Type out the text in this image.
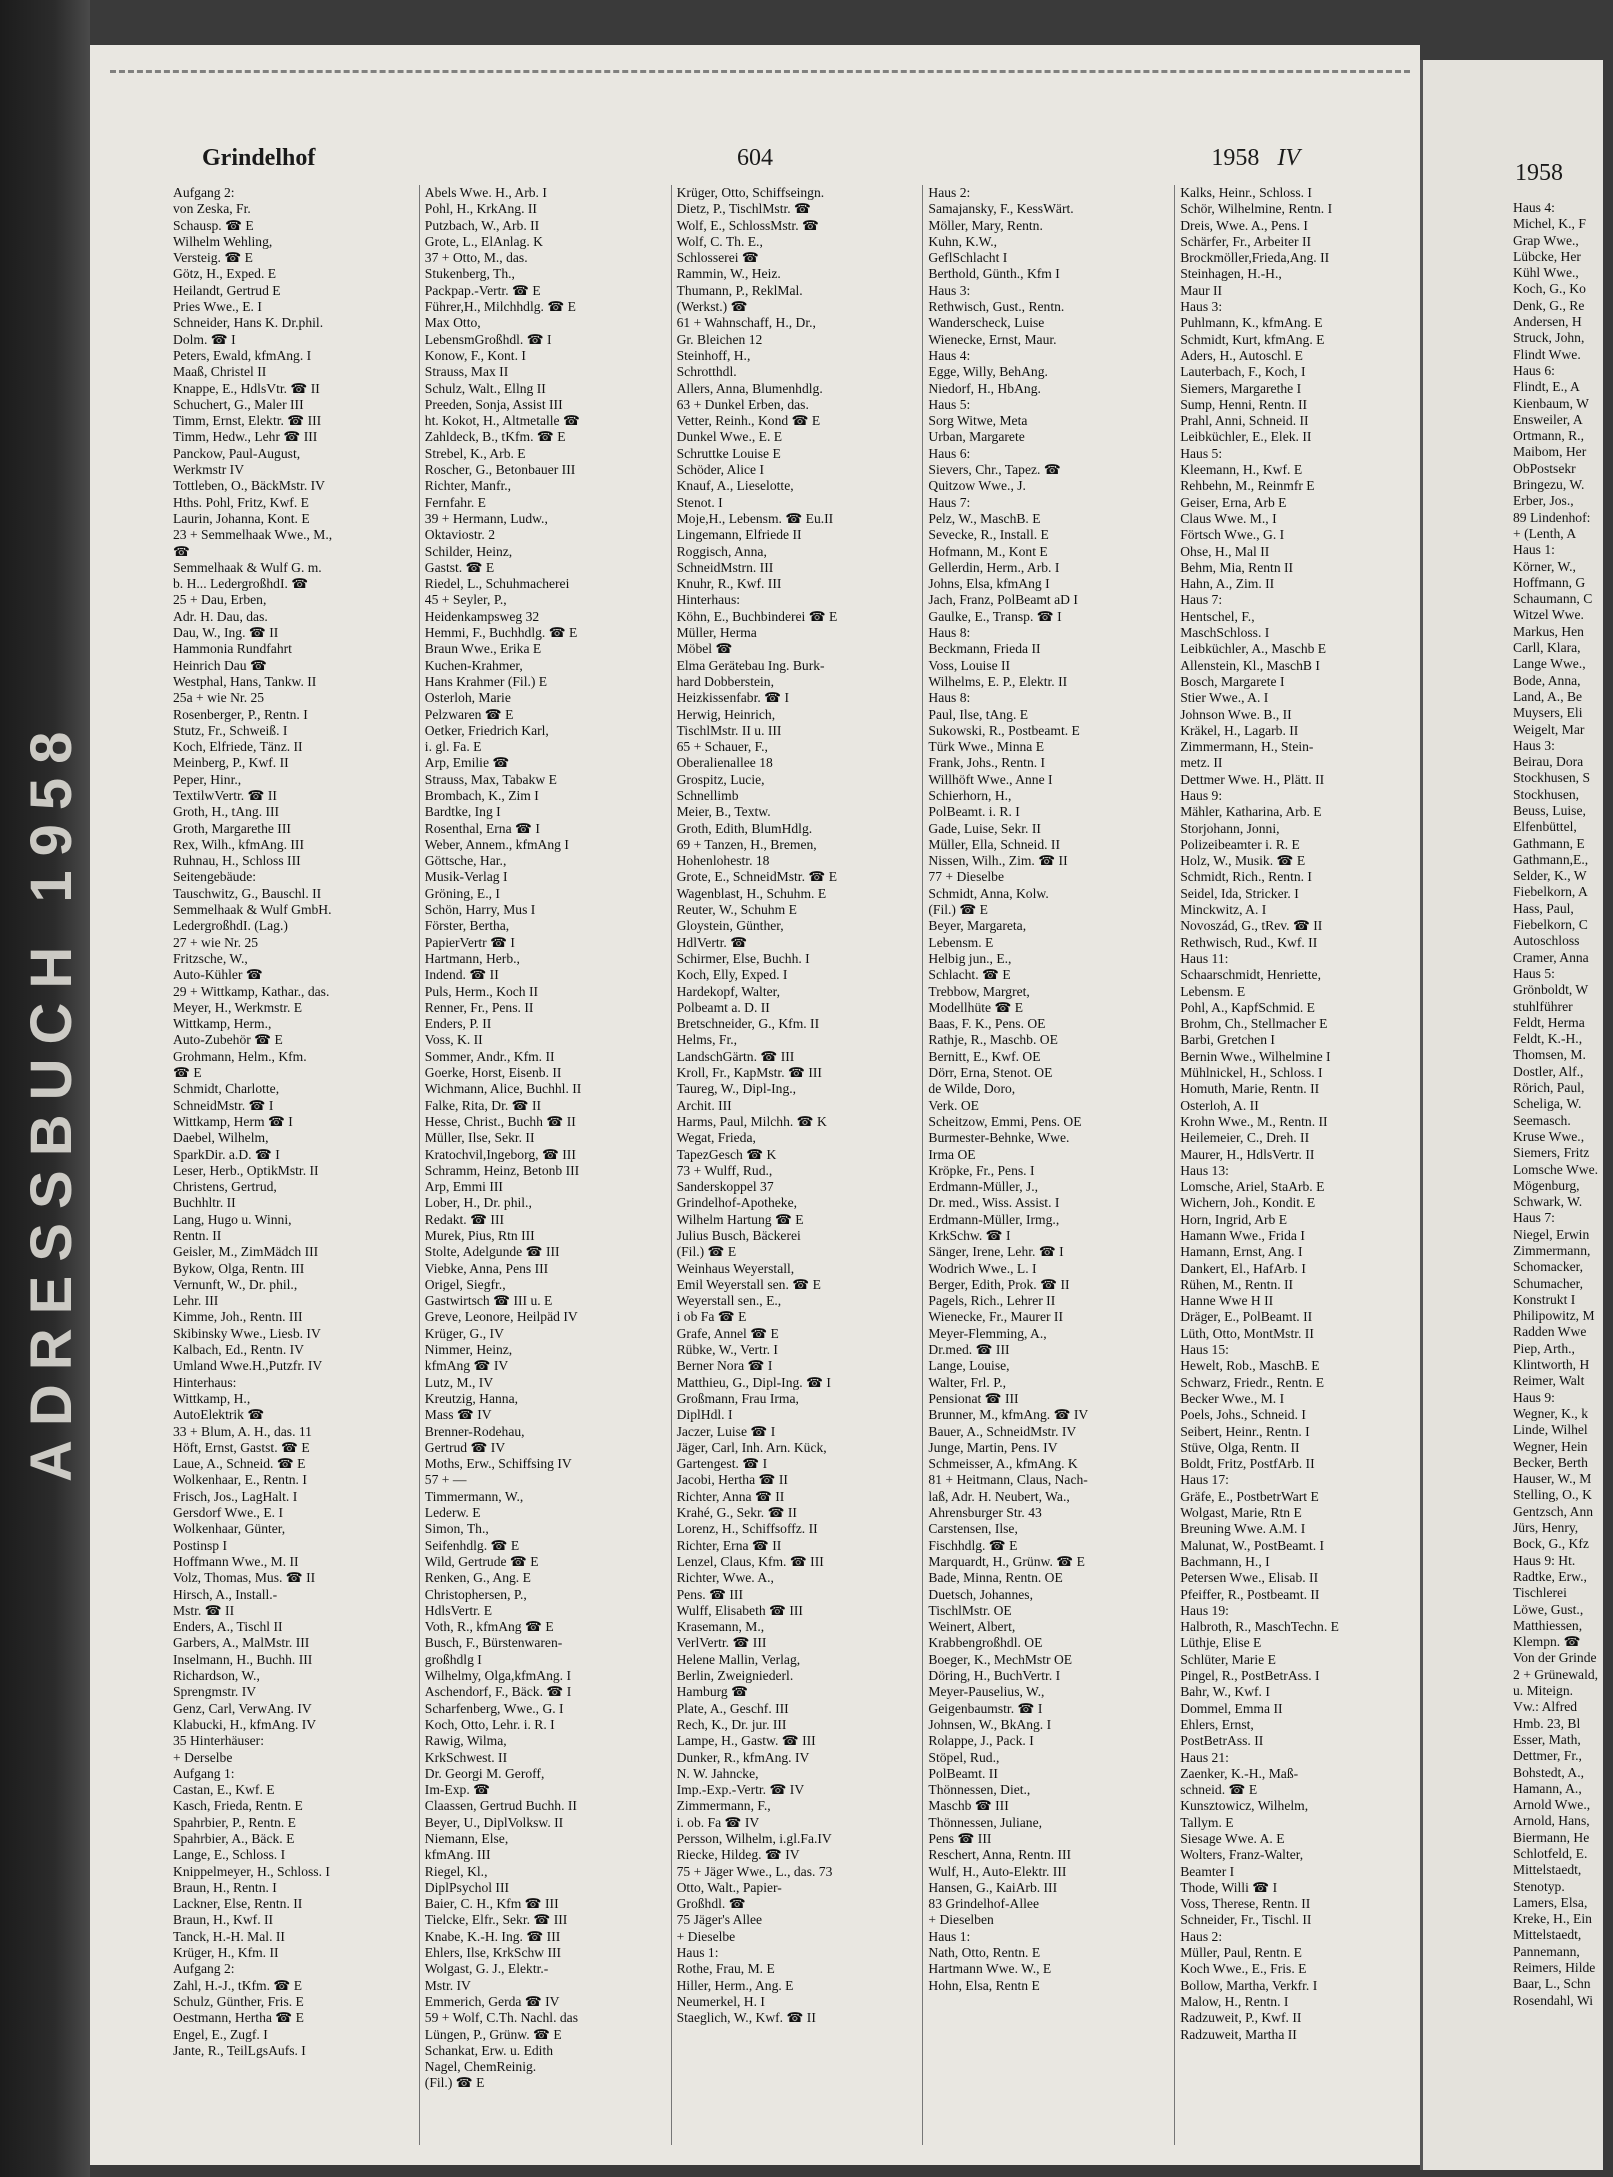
ADRESSBUCH 1958
Grindelhof	604	1958 IV
Aufgang 2:
von Zeska, Fr.
Schausp. ☎ E
Wilhelm Wehling,
Versteig. ☎ E
Götz, H., Exped. E
Heilandt, Gertrud E
Pries Wwe., E. I
Schneider, Hans K. Dr.phil.
Dolm. ☎ I
Peters, Ewald, kfmAng. I
Maaß, Christel II
Knappe, E., HdlsVtr. ☎ II
Schuchert, G., Maler III
Timm, Ernst, Elektr. ☎ III
Timm, Hedw., Lehr ☎ III
Panckow, Paul-August,
Werkmstr IV
Tottleben, O., BäckMstr. IV
Hths. Pohl, Fritz, Kwf. E
Laurin, Johanna, Kont. E
23 + Semmelhaak Wwe., M.,
☎
Semmelhaak & Wulf G. m.
b. H... LedergroßhdI. ☎
25 + Dau, Erben,
Adr. H. Dau, das.
Dau, W., Ing. ☎ II
Hammonia Rundfahrt
Heinrich Dau ☎
Westphal, Hans, Tankw. II
25a + wie Nr. 25
Rosenberger, P., Rentn. I
Stutz, Fr., Schweiß. I
Koch, Elfriede, Tänz. II
Meinberg, P., Kwf. II
Peper, Hinr.,
TextilwVertr. ☎ II
Groth, H., tAng. III
Groth, Margarethe III
Rex, Wilh., kfmAng. III
Ruhnau, H., Schloss III
Seitengebäude:
Tauschwitz, G., Bauschl. II
Semmelhaak & Wulf GmbH.
LedergroßhdI. (Lag.)
27 + wie Nr. 25
Fritzsche, W.,
Auto-Kühler ☎
29 + Wittkamp, Kathar., das.
Meyer, H., Werkmstr. E
Wittkamp, Herm.,
Auto-Zubehör ☎ E
Grohmann, Helm., Kfm.
☎ E
Schmidt, Charlotte,
SchneidMstr. ☎ I
Wittkamp, Herm ☎ I
Daebel, Wilhelm,
SparkDir. a.D. ☎ I
Leser, Herb., OptikMstr. II
Christens, Gertrud,
Buchhltr. II
Lang, Hugo u. Winni,
Rentn. II
Geisler, M., ZimMädch III
Bykow, Olga, Rentn. III
Vernunft, W., Dr. phil.,
Lehr. III
Kimme, Joh., Rentn. III
Skibinsky Wwe., Liesb. IV
Kalbach, Ed., Rentn. IV
Umland Wwe.H.,Putzfr. IV
Hinterhaus:
Wittkamp, H.,
AutoElektrik ☎
33 + Blum, A. H., das. 11
Höft, Ernst, Gastst. ☎ E
Laue, A., Schneid. ☎ E
Wolkenhaar, E., Rentn. I
Frisch, Jos., LagHalt. I
Gersdorf Wwe., E. I
Wolkenhaar, Günter,
Postinsp I
Hoffmann Wwe., M. II
Volz, Thomas, Mus. ☎ II
Hirsch, A., Install.-
Mstr. ☎ II
Enders, A., Tischl II
Garbers, A., MalMstr. III
Inselmann, H., Buchh. III
Richardson, W.,
Sprengmstr. IV
Genz, Carl, VerwAng. IV
Klabucki, H., kfmAng. IV
35 Hinterhäuser:
+ Derselbe
Aufgang 1:
Castan, E., Kwf. E
Kasch, Frieda, Rentn. E
Spahrbier, P., Rentn. E
Spahrbier, A., Bäck. E
Lange, E., Schloss. I
Knippelmeyer, H., Schloss. I
Braun, H., Rentn. I
Lackner, Else, Rentn. II
Braun, H., Kwf. II
Tanck, H.-H. Mal. II
Krüger, H., Kfm. II
Aufgang 2:
Zahl, H.-J., tKfm. ☎ E
Schulz, Günther, Fris. E
Oestmann, Hertha ☎ E
Engel, E., Zugf. I
Jante, R., TeilLgsAufs. I
Abels Wwe. H., Arb. I
Pohl, H., KrkAng. II
Putzbach, W., Arb. II
Grote, L., ElAnlag. K
37 + Otto, M., das.
Stukenberg, Th.,
Packpap.-Vertr. ☎ E
Führer,H., Milchhdlg. ☎ E
Max Otto,
LebensmGroßhdl. ☎ I
Konow, F., Kont. I
Strauss, Max II
Schulz, Walt., Ellng II
Preeden, Sonja, Assist III
ht. Kokot, H., Altmetalle ☎
Zahldeck, B., tKfm. ☎ E
Strebel, K., Arb. E
Roscher, G., Betonbauer III
Richter, Manfr.,
Fernfahr. E
39 + Hermann, Ludw.,
Oktaviostr. 2
Schilder, Heinz,
Gastst. ☎ E
Riedel, L., Schuhmacherei
45 + Seyler, P.,
Heidenkampsweg 32
Hemmi, F., Buchhdlg. ☎ E
Braun Wwe., Erika E
Kuchen-Krahmer,
Hans Krahmer (Fil.) E
Osterloh, Marie
Pelzwaren ☎ E
Oetker, Friedrich Karl,
i. gl. Fa. E
Arp, Emilie ☎
Strauss, Max, Tabakw E
Brombach, K., Zim I
Bardtke, Ing I
Rosenthal, Erna ☎ I
Weber, Annem., kfmAng I
Göttsche, Har.,
Musik-Verlag I
Gröning, E., I
Schön, Harry, Mus I
Förster, Bertha,
PapierVertr ☎ I
Hartmann, Herb.,
Indend. ☎ II
Puls, Herm., Koch II
Renner, Fr., Pens. II
Enders, P. II
Voss, K. II
Sommer, Andr., Kfm. II
Goerke, Horst, Eisenb. II
Wichmann, Alice, Buchhl. II
Falke, Rita, Dr. ☎ II
Hesse, Christ., Buchh ☎ II
Müller, Ilse, Sekr. II
Kratochvil,Ingeborg, ☎ III
Schramm, Heinz, Betonb III
Arp, Emmi III
Lober, H., Dr. phil.,
Redakt. ☎ III
Murek, Pius, Rtn III
Stolte, Adelgunde ☎ III
Viebke, Anna, Pens III
Origel, Siegfr.,
Gastwirtsch ☎ III u. E
Greve, Leonore, Heilpäd IV
Krüger, G., IV
Nimmer, Heinz,
kfmAng ☎ IV
Lutz, M., IV
Kreutzig, Hanna,
Mass ☎ IV
Brenner-Rodehau,
Gertrud ☎ IV
Moths, Erw., Schiffsing IV
57 + —
Timmermann, W.,
Lederw. E
Simon, Th.,
Seifenhdlg. ☎ E
Wild, Gertrude ☎ E
Renken, G., Ang. E
Christophersen, P.,
HdlsVertr. E
Voth, R., kfmAng ☎ E
Busch, F., Bürstenwaren-
großhdlg I
Wilhelmy, Olga,kfmAng. I
Aschendorf, F., Bäck. ☎ I
Scharfenberg, Wwe., G. I
Koch, Otto, Lehr. i. R. I
Rawig, Wilma,
KrkSchwest. II
Dr. Georgi M. Geroff,
Im-Exp. ☎
Claassen, Gertrud Buchh. II
Beyer, U., DiplVolksw. II
Niemann, Else,
kfmAng. III
Riegel, Kl.,
DiplPsychol III
Baier, C. H., Kfm ☎ III
Tielcke, Elfr., Sekr. ☎ III
Knabe, K.-H. Ing. ☎ III
Ehlers, Ilse, KrkSchw III
Wolgast, G. J., Elektr.-
Mstr. IV
Emmerich, Gerda ☎ IV
59 + Wolf, C.Th. Nachl. das
Lüngen, P., Grünw. ☎ E
Schankat, Erw. u. Edith
Nagel, ChemReinig.
(Fil.) ☎ E
Krüger, Otto, Schiffseingn.
Dietz, P., TischlMstr. ☎
Wolf, E., SchlossMstr. ☎
Wolf, C. Th. E.,
Schlosserei ☎
Rammin, W., Heiz.
Thumann, P., ReklMal.
(Werkst.) ☎
61 + Wahnschaff, H., Dr.,
Gr. Bleichen 12
Steinhoff, H.,
Schrotthdl.
Allers, Anna, Blumenhdlg.
63 + Dunkel Erben, das.
Vetter, Reinh., Kond ☎ E
Dunkel Wwe., E. E
Schruttke Louise E
Schöder, Alice I
Knauf, A., Lieselotte,
Stenot. I
Moje,H., Lebensm. ☎ Eu.II
Lingemann, Elfriede II
Roggisch, Anna,
SchneidMstrn. III
Knuhr, R., Kwf. III
Hinterhaus:
Köhn, E., Buchbinderei ☎ E
Müller, Herma
Möbel ☎
Elma Gerätebau Ing. Burk-
hard Dobberstein,
Heizkissenfabr. ☎ I
Herwig, Heinrich,
TischlMstr. II u. III
65 + Schauer, F.,
Oberalienallee 18
Grospitz, Lucie,
Schnellimb
Meier, B., Textw.
Groth, Edith, BlumHdlg.
69 + Tanzen, H., Bremen,
Hohenlohestr. 18
Grote, E., SchneidMstr. ☎ E
Wagenblast, H., Schuhm. E
Reuter, W., Schuhm E
Gloystein, Günther,
HdlVertr. ☎
Schirmer, Else, Buchh. I
Koch, Elly, Exped. I
Hardekopf, Walter,
Polbeamt a. D. II
Bretschneider, G., Kfm. II
Helms, Fr.,
LandschGärtn. ☎ III
Kroll, Fr., KapMstr. ☎ III
Taureg, W., Dipl-Ing.,
Archit. III
Harms, Paul, Milchh. ☎ K
Wegat, Frieda,
TapezGesch ☎ K
73 + Wulff, Rud.,
Sanderskoppel 37
Grindelhof-Apotheke,
Wilhelm Hartung ☎ E
Julius Busch, Bäckerei
(Fil.) ☎ E
Weinhaus Weyerstall,
Emil Weyerstall sen. ☎ E
Weyerstall sen., E.,
i ob Fa ☎ E
Grafe, Annel ☎ E
Rübke, W., Vertr. I
Berner Nora ☎ I
Matthieu, G., Dipl-Ing. ☎ I
Großmann, Frau Irma,
DiplHdl. I
Jaczer, Luise ☎ I
Jäger, Carl, Inh. Arn. Kück,
Gartengest. ☎ I
Jacobi, Hertha ☎ II
Richter, Anna ☎ II
Krahé, G., Sekr. ☎ II
Lorenz, H., Schiffsoffz. II
Richter, Erna ☎ II
Lenzel, Claus, Kfm. ☎ III
Richter, Wwe. A.,
Pens. ☎ III
Wulff, Elisabeth ☎ III
Krasemann, M.,
VerlVertr. ☎ III
Helene Mallin, Verlag,
Berlin, Zweigniederl.
Hamburg ☎
Plate, A., Geschf. III
Rech, K., Dr. jur. III
Lampe, H., Gastw. ☎ III
Dunker, R., kfmAng. IV
N. W. Jahncke,
Imp.-Exp.-Vertr. ☎ IV
Zimmermann, F.,
i. ob. Fa ☎ IV
Persson, Wilhelm, i.gl.Fa.IV
Riecke, Hildeg. ☎ IV
75 + Jäger Wwe., L., das. 73
Otto, Walt., Papier-
Großhdl. ☎
75 Jäger's Allee
+ Dieselbe
Haus 1:
Rothe, Frau, M. E
Hiller, Herm., Ang. E
Neumerkel, H. I
Staeglich, W., Kwf. ☎ II
Haus 2:
Samajansky, F., KessWärt.
Möller, Mary, Rentn.
Kuhn, K.W.,
GeflSchlacht I
Berthold, Günth., Kfm I
Haus 3:
Rethwisch, Gust., Rentn.
Wanderscheck, Luise
Wienecke, Ernst, Maur.
Haus 4:
Egge, Willy, BehAng.
Niedorf, H., HbAng.
Haus 5:
Sorg Witwe, Meta
Urban, Margarete
Haus 6:
Sievers, Chr., Tapez. ☎
Quitzow Wwe., J.
Haus 7:
Pelz, W., MaschB. E
Sevecke, R., Install. E
Hofmann, M., Kont E
Gellerdin, Herm., Arb. I
Johns, Elsa, kfmAng I
Jach, Franz, PolBeamt aD I
Gaulke, E., Transp. ☎ I
Haus 8:
Beckmann, Frieda II
Voss, Louise II
Wilhelms, E. P., Elektr. II
Haus 8:
Paul, Ilse, tAng. E
Sukowski, R., Postbeamt. E
Türk Wwe., Minna E
Frank, Johs., Rentn. I
Willhöft Wwe., Anne I
Schierhorn, H.,
PolBeamt. i. R. I
Gade, Luise, Sekr. II
Müller, Ella, Schneid. II
Nissen, Wilh., Zim. ☎ II
77 + Dieselbe
Schmidt, Anna, Kolw.
(Fil.) ☎ E
Beyer, Margareta,
Lebensm. E
Helbig jun., E.,
Schlacht. ☎ E
Trebbow, Margret,
Modellhüte ☎ E
Baas, F. K., Pens. OE
Rathje, R., Maschb. OE
Bernitt, E., Kwf. OE
Dörr, Erna, Stenot. OE
de Wilde, Doro,
Verk. OE
Scheitzow, Emmi, Pens. OE
Burmester-Behnke, Wwe.
Irma OE
Kröpke, Fr., Pens. I
Erdmann-Müller, J.,
Dr. med., Wiss. Assist. I
Erdmann-Müller, Irmg.,
KrkSchw. ☎ I
Sänger, Irene, Lehr. ☎ I
Wodrich Wwe., L. I
Berger, Edith, Prok. ☎ II
Pagels, Rich., Lehrer II
Wienecke, Fr., Maurer II
Meyer-Flemming, A.,
Dr.med. ☎ III
Lange, Louise,
Walter, Frl. P.,
Pensionat ☎ III
Brunner, M., kfmAng. ☎ IV
Bauer, A., SchneidMstr. IV
Junge, Martin, Pens. IV
Schmeisser, A., kfmAng. K
81 + Heitmann, Claus, Nach-
laß, Adr. H. Neubert, Wa.,
Ahrensburger Str. 43
Carstensen, Ilse,
Fischhdlg. ☎ E
Marquardt, H., Grünw. ☎ E
Bade, Minna, Rentn. OE
Duetsch, Johannes,
TischlMstr. OE
Weinert, Albert,
Krabbengroßhdl. OE
Boeger, K., MechMstr OE
Döring, H., BuchVertr. I
Meyer-Pauselius, W.,
Geigenbaumstr. ☎ I
Johnsen, W., BkAng. I
Rolappe, J., Pack. I
Stöpel, Rud.,
PolBeamt. II
Thönnessen, Diet.,
Maschb ☎ III
Thönnessen, Juliane,
Pens ☎ III
Reschert, Anna, Rentn. III
Wulf, H., Auto-Elektr. III
Hansen, G., KaiArb. III
83 Grindelhof-Allee
+ Dieselben
Haus 1:
Nath, Otto, Rentn. E
Hartmann Wwe. W., E
Hohn, Elsa, Rentn E
Kalks, Heinr., Schloss. I
Schör, Wilhelmine, Rentn. I
Dreis, Wwe. A., Pens. I
Schärfer, Fr., Arbeiter II
Brockmöller,Frieda,Ang. II
Steinhagen, H.-H.,
Maur II
Haus 3:
Puhlmann, K., kfmAng. E
Schmidt, Kurt, kfmAng. E
Aders, H., Autoschl. E
Lauterbach, F., Koch, I
Siemers, Margarethe I
Sump, Henni, Rentn. II
Prahl, Anni, Schneid. II
Leibküchler, E., Elek. II
Haus 5:
Kleemann, H., Kwf. E
Rehbehn, M., Reinmfr E
Geiser, Erna, Arb E
Claus Wwe. M., I
Förtsch Wwe., G. I
Ohse, H., Mal II
Behm, Mia, Rentn II
Hahn, A., Zim. II
Haus 7:
Hentschel, F.,
MaschSchloss. I
Leibküchler, A., Maschb E
Allenstein, Kl., MaschB I
Bosch, Margarete I
Stier Wwe., A. I
Johnson Wwe. B., II
Kräkel, H., Lagarb. II
Zimmermann, H., Stein-
metz. II
Dettmer Wwe. H., Plätt. II
Haus 9:
Mähler, Katharina, Arb. E
Storjohann, Jonni,
Polizeibeamter i. R. E
Holz, W., Musik. ☎ E
Schmidt, Rich., Rentn. I
Seidel, Ida, Stricker. I
Minckwitz, A. I
Novoszád, G., tRev. ☎ II
Rethwisch, Rud., Kwf. II
Haus 11:
Schaarschmidt, Henriette,
Lebensm. E
Pohl, A., KapfSchmid. E
Brohm, Ch., Stellmacher E
Barbi, Gretchen I
Bernin Wwe., Wilhelmine I
Mühlnickel, H., Schloss. I
Homuth, Marie, Rentn. II
Osterloh, A. II
Krohn Wwe., M., Rentn. II
Heilemeier, C., Dreh. II
Maurer, H., HdlsVertr. II
Haus 13:
Lomsche, Ariel, StaArb. E
Wichern, Joh., Kondit. E
Horn, Ingrid, Arb E
Hamann Wwe., Frida I
Hamann, Ernst, Ang. I
Dankert, El., HafArb. I
Rühen, M., Rentn. II
Hanne Wwe H II
Dräger, E., PolBeamt. II
Lüth, Otto, MontMstr. II
Haus 15:
Hewelt, Rob., MaschB. E
Schwarz, Friedr., Rentn. E
Becker Wwe., M. I
Poels, Johs., Schneid. I
Seibert, Heinr., Rentn. I
Stüve, Olga, Rentn. II
Boldt, Fritz, PostfArb. II
Haus 17:
Gräfe, E., PostbetrWart E
Wolgast, Marie, Rtn E
Breuning Wwe. A.M. I
Malunat, W., PostBeamt. I
Bachmann, H., I
Petersen Wwe., Elisab. II
Pfeiffer, R., Postbeamt. II
Haus 19:
Halbroth, R., MaschTechn. E
Lüthje, Elise E
Schlüter, Marie E
Pingel, R., PostBetrAss. I
Bahr, W., Kwf. I
Dommel, Emma II
Ehlers, Ernst,
PostBetrAss. II
Haus 21:
Zaenker, K.-H., Maß-
schneid. ☎ E
Kunsztowicz, Wilhelm,
Tallym. E
Siesage Wwe. A. E
Wolters, Franz-Walter,
Beamter I
Thode, Willi ☎ I
Voss, Therese, Rentn. II
Schneider, Fr., Tischl. II
Haus 2:
Müller, Paul, Rentn. E
Koch Wwe., E., Fris. E
Bollow, Martha, Verkfr. I
Malow, H., Rentn. I
Radzuweit, P., Kwf. II
Radzuweit, Martha II
1958
Haus 4:
Michel, K., F
Grap Wwe.,
Lübcke, Her
Kühl Wwe.,
Koch, G., Ko
Denk, G., Re
Andersen, H
Struck, John,
Flindt Wwe.
Haus 6:
Flindt, E., A
Kienbaum, W
Ensweiler, A
Ortmann, R.,
Maibom, Her
ObPostsekr
Bringezu, W.
Erber, Jos.,
89 Lindenhof:
+ (Lenth, A
Haus 1:
Körner, W.,
Hoffmann, G
Schaumann, C
Witzel Wwe.
Markus, Hen
Carll, Klara,
Lange Wwe.,
Bode, Anna,
Land, A., Be
Muysers, Eli
Weigelt, Mar
Haus 3:
Beirau, Dora
Stockhusen, S
Stockhusen,
Beuss, Luise,
Elfenbüttel,
Gathmann, E
Gathmann,E.,
Selder, K., W
Fiebelkorn, A
Hass, Paul,
Fiebelkorn, C
Autoschloss
Cramer, Anna
Haus 5:
Grönboldt, W
stuhlführer
Feldt, Herma
Feldt, K.-H.,
Thomsen, M.
Dostler, Alf.,
Rörich, Paul,
Scheliga, W.
Seemasch.
Kruse Wwe.,
Siemers, Fritz
Lomsche Wwe.
Mögenburg,
Schwark, W.
Haus 7:
Niegel, Erwin
Zimmermann,
Schomacker,
Schumacher,
Konstrukt I
Philipowitz, M
Radden Wwe
Piep, Arth.,
Klintworth, H
Reimer, Walt
Haus 9:
Wegner, K., k
Linde, Wilhel
Wegner, Hein
Becker, Berth
Hauser, W., M
Stelling, O., K
Gentzsch, Ann
Jürs, Henry,
Bock, G., Kfz
Haus 9: Ht.
Radtke, Erw.,
Tischlerei
Löwe, Gust.,
Matthiessen,
Klempn. ☎
Von der Grinde
2 + Grünewald,
u. Miteign.
Vw.: Alfred
Hmb. 23, Bl
Esser, Math,
Dettmer, Fr.,
Bohstedt, A.,
Hamann, A.,
Arnold Wwe.,
Arnold, Hans,
Biermann, He
Schlotfeld, E.
Mittelstaedt,
Stenotyp.
Lamers, Elsa,
Kreke, H., Ein
Mittelstaedt,
Pannemann,
Reimers, Hilde
Baar, L., Schn
Rosendahl, Wi
